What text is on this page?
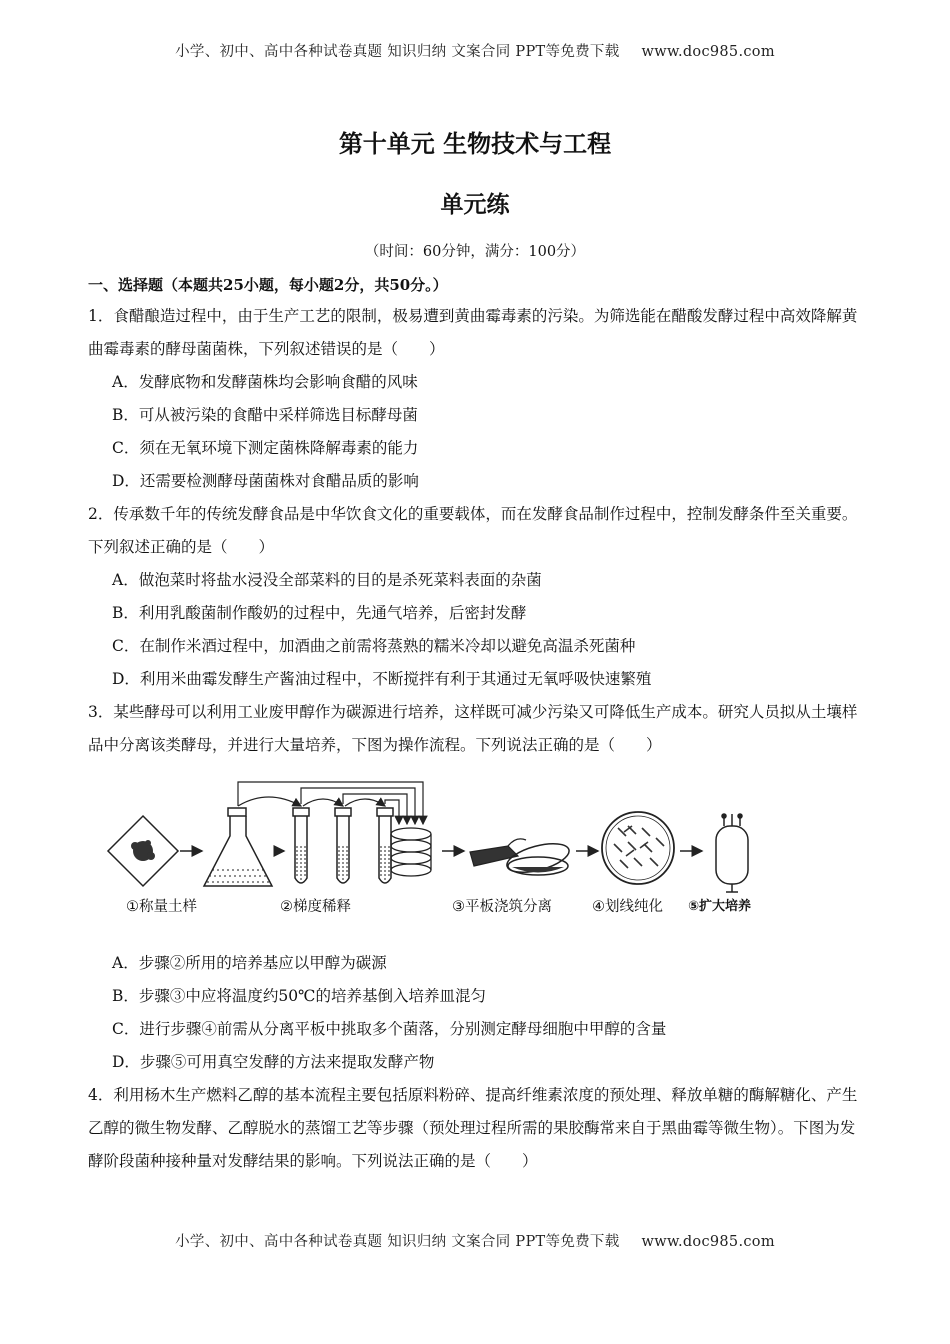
小学、初中、高中各种试卷真题 知识归纳 文案合同 PPT等免费下载 www.doc985.com
第十单元 生物技术与工程
单元练
（时间：60分钟，满分：100分）
一、选择题（本题共25小题，每小题2分，共50分。）
1．食醋酿造过程中，由于生产工艺的限制，极易遭到黄曲霉毒素的污染。为筛选能在醋酸发酵过程中高效降解黄曲霉毒素的酵母菌菌株，下列叙述错误的是（　　）
A．发酵底物和发酵菌株均会影响食醋的风味
B．可从被污染的食醋中采样筛选目标酵母菌
C．须在无氧环境下测定菌株降解毒素的能力
D．还需要检测酵母菌菌株对食醋品质的影响
2．传承数千年的传统发酵食品是中华饮食文化的重要载体，而在发酵食品制作过程中，控制发酵条件至关重要。下列叙述正确的是（　　）
A．做泡菜时将盐水浸没全部菜料的目的是杀死菜料表面的杂菌
B．利用乳酸菌制作酸奶的过程中，先通气培养，后密封发酵
C．在制作米酒过程中，加酒曲之前需将蒸熟的糯米冷却以避免高温杀死菌种
D．利用米曲霉发酵生产酱油过程中，不断搅拌有利于其通过无氧呼吸快速繁殖
3．某些酵母可以利用工业废甲醇作为碳源进行培养，这样既可减少污染又可降低生产成本。研究人员拟从土壤样品中分离该类酵母，并进行大量培养，下图为操作流程。下列说法正确的是（　　）
①称量土样	②梯度稀释	③平板浇筑分离	④划线纯化 ⑤扩大培养
A．步骤②所用的培养基应以甲醇为碳源
B．步骤③中应将温度约50℃的培养基倒入培养皿混匀
C．进行步骤④前需从分离平板中挑取多个菌落，分别测定酵母细胞中甲醇的含量
D．步骤⑤可用真空发酵的方法来提取发酵产物
4．利用杨木生产燃料乙醇的基本流程主要包括原料粉碎、提高纤维素浓度的预处理、释放单糖的酶解糖化、产生乙醇的微生物发酵、乙醇脱水的蒸馏工艺等步骤（预处理过程所需的果胶酶常来自于黑曲霉等微生物）。下图为发酵阶段菌种接种量对发酵结果的影响。下列说法正确的是（　　）
小学、初中、高中各种试卷真题 知识归纳 文案合同 PPT等免费下载 www.doc985.com
